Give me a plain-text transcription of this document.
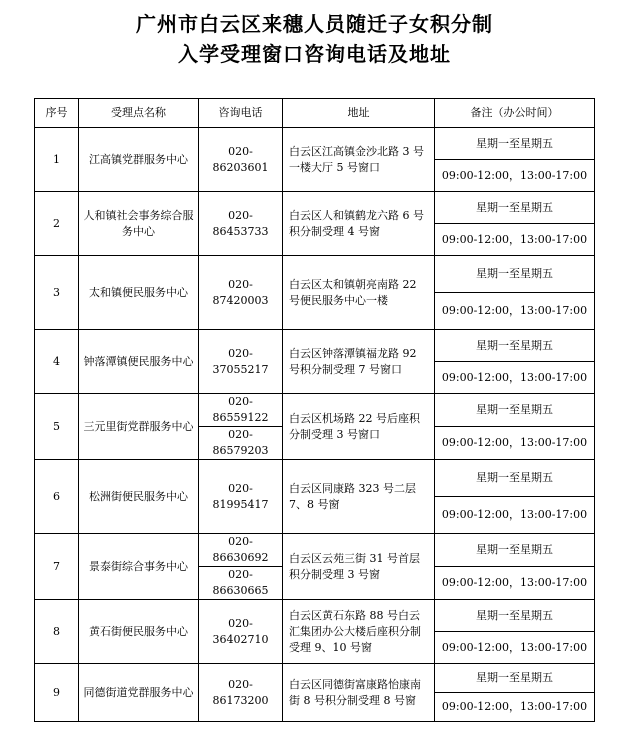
广州市白云区来穗人员随迁子女积分制
入学受理窗口咨询电话及地址
序号	受理点名称	咨询电话	地址	备注（办公时间）
1	江高镇党群服务中心	020-86203601	白云区江高镇金沙北路 3 号一楼大厅 5 号窗口	星期一至星期五
				09:00-12:00，13:00-17:00
2	人和镇社会事务综合服务中心	020-86453733	白云区人和镇鹤龙六路 6 号积分制受理 4 号窗	星期一至星期五
				09:00-12:00，13:00-17:00
3	太和镇便民服务中心	020-87420003	白云区太和镇朝亮南路 22 号便民服务中心一楼	星期一至星期五
				09:00-12:00，13:00-17:00
4	钟落潭镇便民服务中心	020-37055217	白云区钟落潭镇福龙路 92 号积分制受理 7 号窗口	星期一至星期五
				09:00-12:00，13:00-17:00
5	三元里街党群服务中心	020-86559122	白云区机场路 22 号后座积分制受理 3 号窗口	星期一至星期五
		020-86579203		09:00-12:00，13:00-17:00
6	松洲街便民服务中心	020-81995417	白云区同康路 323 号二层 7、8 号窗	星期一至星期五
				09:00-12:00，13:00-17:00
7	景泰街综合事务中心	020-86630692	白云区云苑三街 31 号首层积分制受理 3 号窗	星期一至星期五
		020-86630665		09:00-12:00，13:00-17:00
8	黄石街便民服务中心	020- 36402710	白云区黄石东路 88 号白云汇集团办公大楼后座积分制受理 9、10 号窗	星期一至星期五
				09:00-12:00，13:00-17:00
9	同德街道党群服务中心	020-86173200	白云区同德街富康路怡康南街 8 号积分制受理 8 号窗	星期一至星期五
				09:00-12:00，13:00-17:00
